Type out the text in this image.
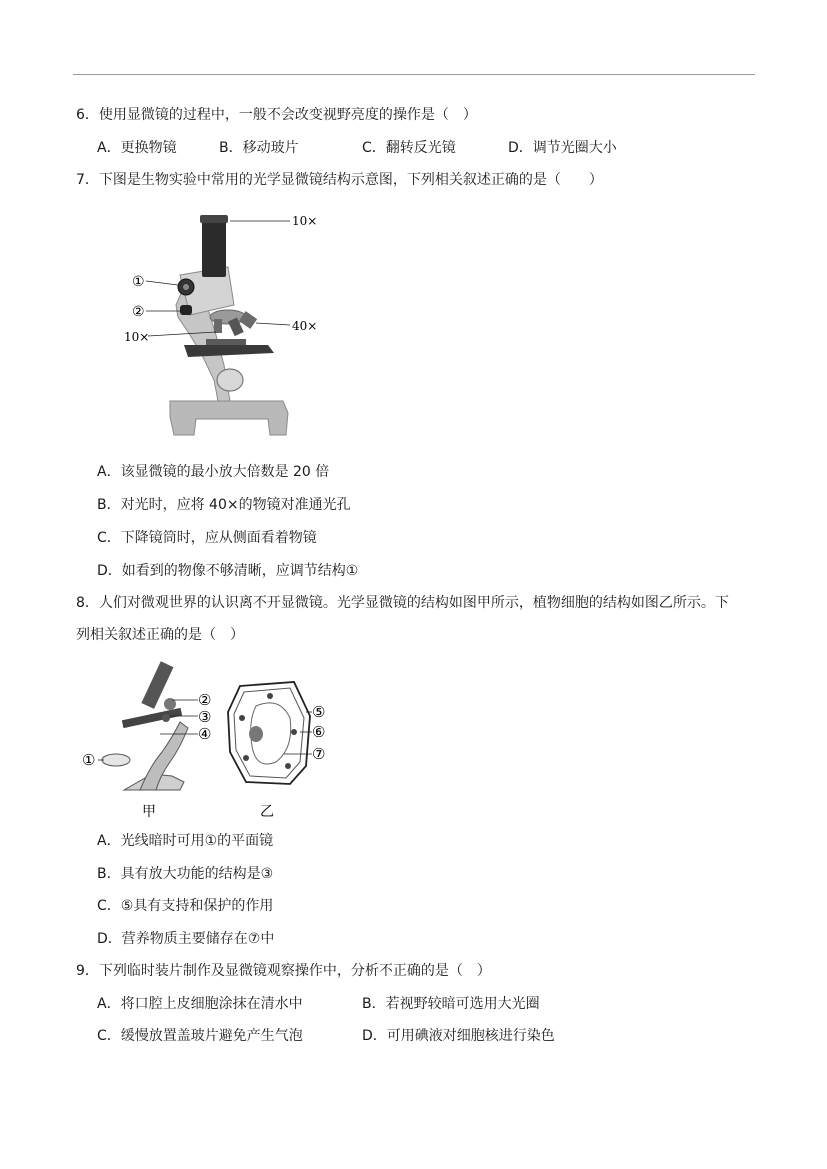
6．使用显微镜的过程中，一般不会改变视野亮度的操作是（　）
A．更换物镜	B．移动玻片	C．翻转反光镜	D．调节光圈大小
7．下图是生物实验中常用的光学显微镜结构示意图，下列相关叙述正确的是（　　）
10×
①
②
10×
40×
A．该显微镜的最小放大倍数是 20 倍
B．对光时，应将 40×的物镜对准通光孔
C．下降镜筒时，应从侧面看着物镜
D．如看到的物像不够清晰，应调节结构①
8．人们对微观世界的认识离不开显微镜。光学显微镜的结构如图甲所示，植物细胞的结构如图乙所示。下
列相关叙述正确的是（　）
②
③
④
①
甲
⑤
⑥
⑦
乙
A．光线暗时可用①的平面镜
B．具有放大功能的结构是③
C．⑤具有支持和保护的作用
D．营养物质主要储存在⑦中
9．下列临时装片制作及显微镜观察操作中，分析不正确的是（　）
A．将口腔上皮细胞涂抹在清水中	B．若视野较暗可选用大光圈
C．缓慢放置盖玻片避免产生气泡	D．可用碘液对细胞核进行染色
